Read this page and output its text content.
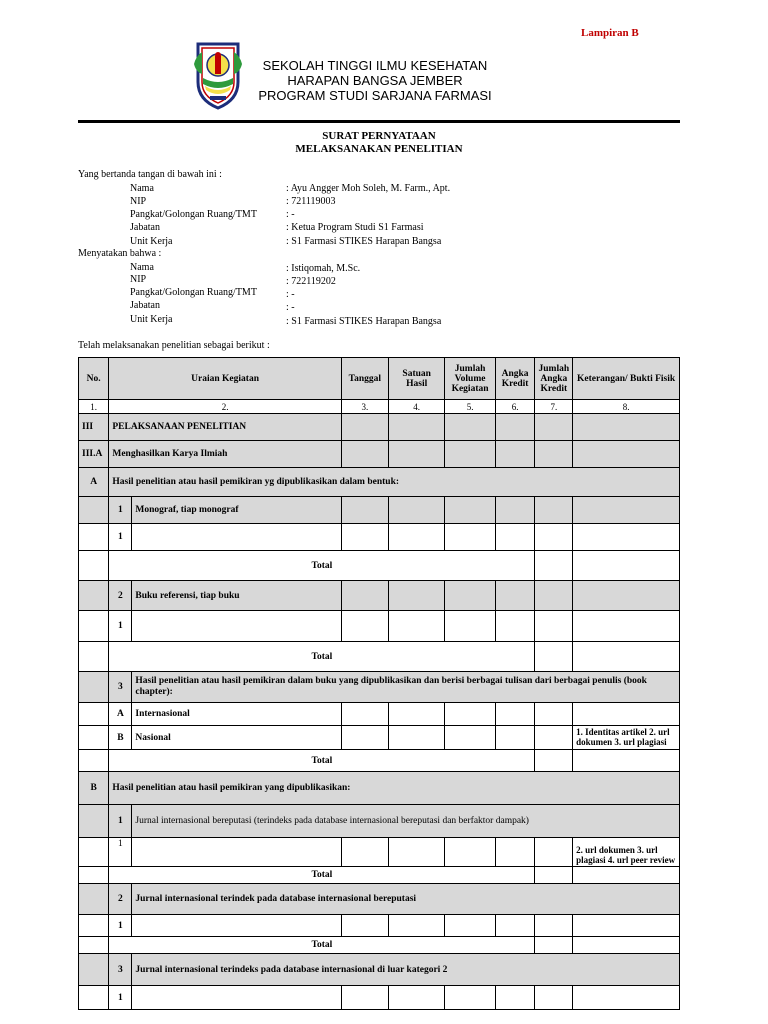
Lampiran B
SEKOLAH TINGGI ILMU KESEHATAN
HARAPAN BANGSA JEMBER
PROGRAM STUDI SARJANA FARMASI
SURAT PERNYATAAN
MELAKSANAKAN PENELITIAN
Yang bertanda tangan di bawah ini :
Nama	: Ayu Angger Moh Soleh, M. Farm., Apt.
NIP	: 721119003
Pangkat/Golongan Ruang/TMT	: -
Jabatan	: Ketua Program Studi S1 Farmasi
Unit Kerja	: S1 Farmasi STIKES Harapan Bangsa
Menyatakan bahwa :
Nama	: Istiqomah, M.Sc.
NIP	: 722119202
Pangkat/Golongan Ruang/TMT	: -
Jabatan	: -
Unit Kerja	: S1 Farmasi STIKES Harapan Bangsa
Telah melaksanakan penelitian sebagai berikut :
No.	Uraian Kegiatan		Tanggal	Satuan Hasil	Jumlah Volume Kegiatan	Angka Kredit	Jumlah Angka Kredit	Keterangan/ Bukti Fisik
1.	2.		3.	4.	5.	6.	7.	8.
III	PELAKSANAAN PENELITIAN							
III.A	Menghasilkan Karya Ilmiah							
A	Hasil penelitian atau hasil pemikiran yg dipublikasikan dalam bentuk:							
	1	Monograf, tiap monograf						
	1							
	Total							
	2	Buku referensi, tiap buku						
	1							
	Total							
	3	Hasil penelitian atau hasil pemikiran dalam buku yang dipublikasikan dan berisi berbagai tulisan dari berbagai penulis (book chapter):						
	A	Internasional						
	B	Nasional						1. Identitas artikel 2. url dokumen 3. url plagiasi
	Total							
B	Hasil penelitian atau hasil pemikiran yang dipublikasikan:							
	1	Jurnal internasional bereputasi (terindeks pada database internasional bereputasi dan berfaktor dampak)						
	1							2. url dokumen 3. url plagiasi 4. url peer review
	Total							
	2	Jurnal internasional terindek pada database internasional bereputasi						
	1							
	Total							
	3	Jurnal internasional terindeks pada database internasional di luar kategori 2						
	1							
